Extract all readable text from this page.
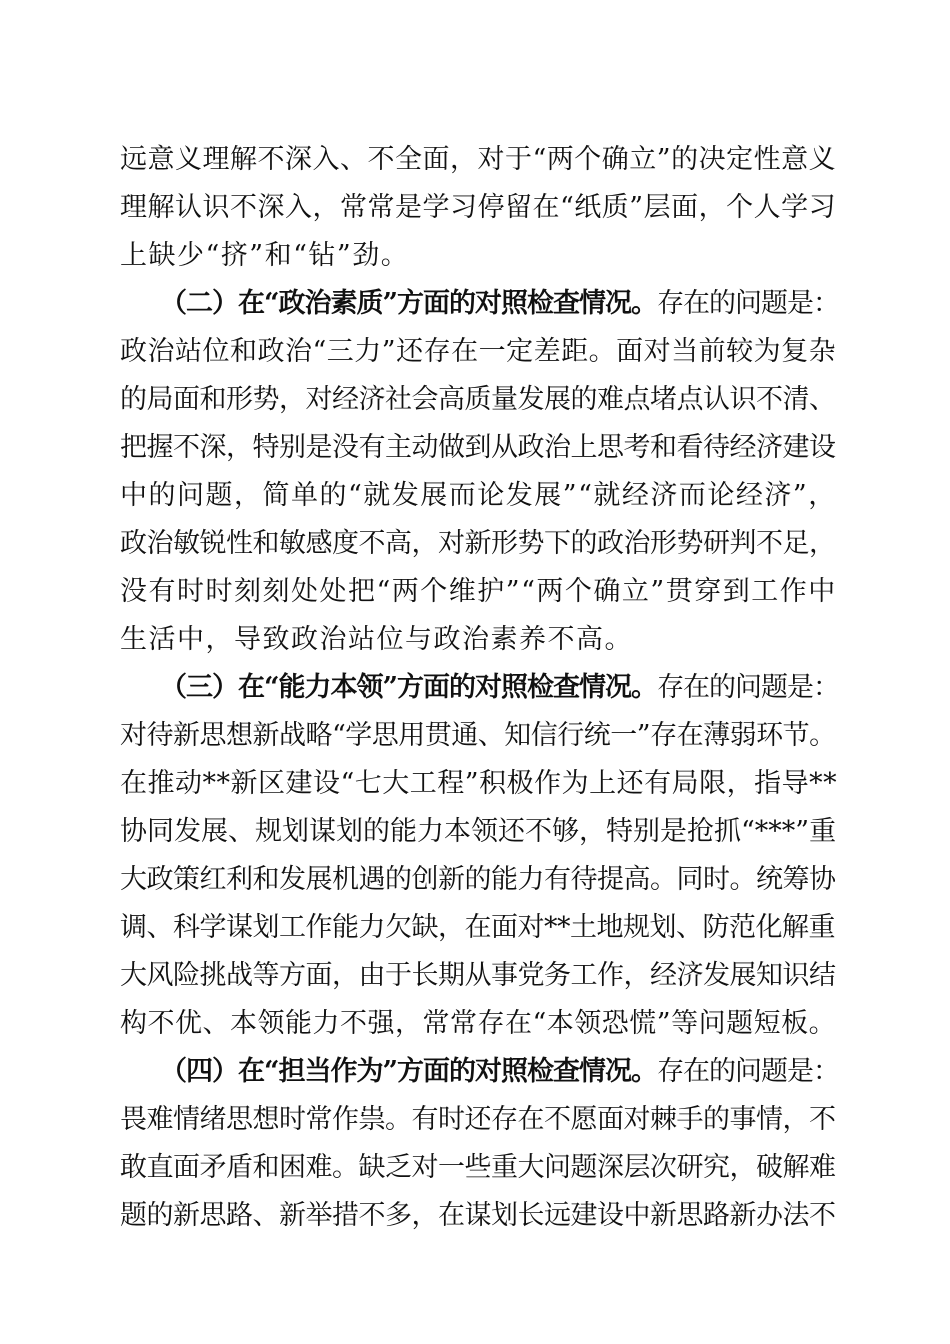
远意义理解不深入、不全面，对于“两个确立”的决定性意义
理解认识不深入，常常是学习停留在“纸质”层面，个人学习
上缺少“挤”和“钻”劲。
（二）在“政治素质”方面的对照检查情况。存在的问题是：
政治站位和政治“三力”还存在一定差距。面对当前较为复杂
的局面和形势，对经济社会高质量发展的难点堵点认识不清、
把握不深，特别是没有主动做到从政治上思考和看待经济建设
中的问题，简单的“就发展而论发展”“就经济而论经济”，
政治敏锐性和敏感度不高，对新形势下的政治形势研判不足，
没有时时刻刻处处把“两个维护”“两个确立”贯穿到工作中
生活中，导致政治站位与政治素养不高。
（三）在“能力本领”方面的对照检查情况。存在的问题是：
对待新思想新战略“学思用贯通、知信行统一”存在薄弱环节。
在推动**新区建设“七大工程”积极作为上还有局限，指导**
协同发展、规划谋划的能力本领还不够，特别是抢抓“***”重
大政策红利和发展机遇的创新的能力有待提高。同时。统筹协
调、科学谋划工作能力欠缺，在面对**土地规划、防范化解重
大风险挑战等方面，由于长期从事党务工作，经济发展知识结
构不优、本领能力不强，常常存在“本领恐慌”等问题短板。
（四）在“担当作为”方面的对照检查情况。存在的问题是：
畏难情绪思想时常作祟。有时还存在不愿面对棘手的事情，不
敢直面矛盾和困难。缺乏对一些重大问题深层次研究，破解难
题的新思路、新举措不多，在谋划长远建设中新思路新办法不
